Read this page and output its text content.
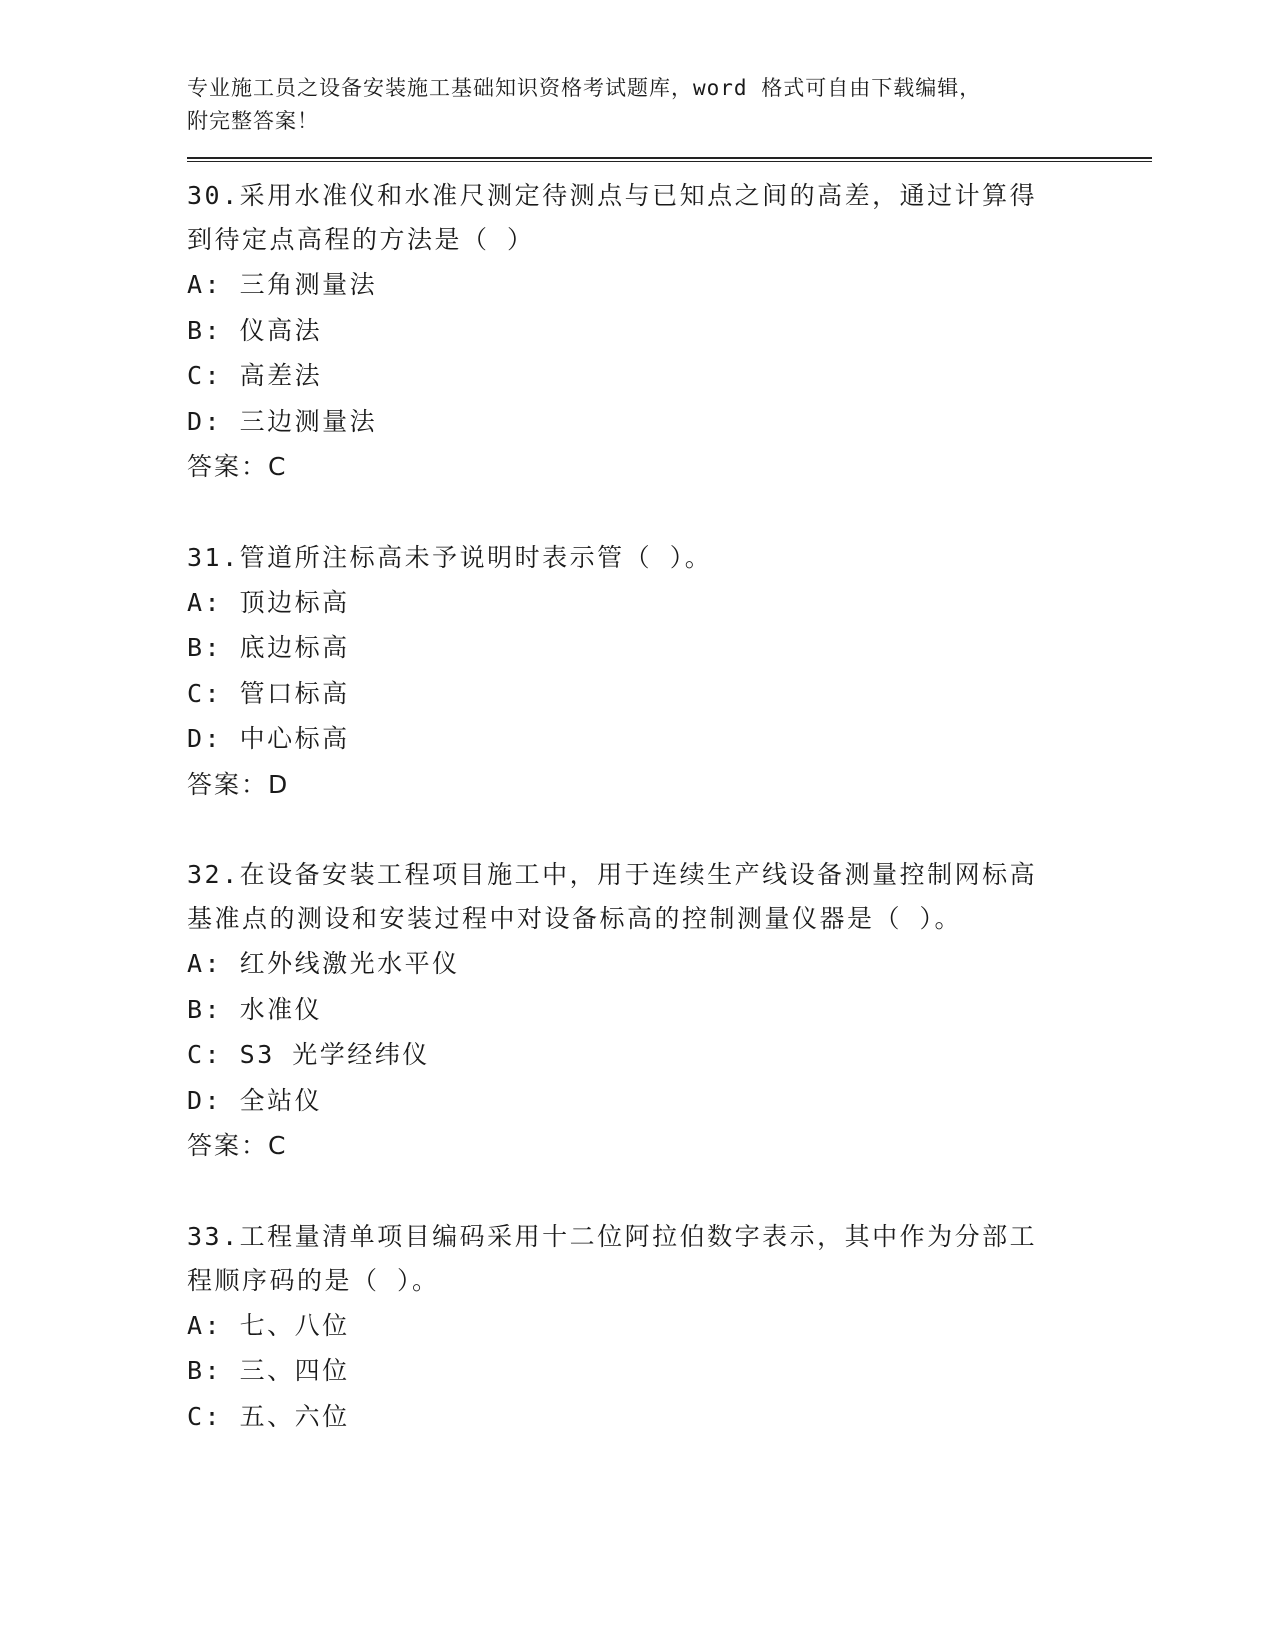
专业施工员之设备安装施工基础知识资格考试题库，word 格式可自由下载编辑，

附完整答案！

30.采用水准仪和水准尺测定待测点与已知点之间的高差，通过计算得

到待定点高程的方法是（ ）

A: 三角测量法

B: 仪高法

C: 高差法

D: 三边测量法

答案：C

31.管道所注标高未予说明时表示管（ ）。

A: 顶边标高

B: 底边标高

C: 管口标高

D: 中心标高

答案：D

32.在设备安装工程项目施工中，用于连续生产线设备测量控制网标高

基准点的测设和安装过程中对设备标高的控制测量仪器是（ ）。

A: 红外线激光水平仪

B: 水准仪

C: S3 光学经纬仪

D: 全站仪

答案：C

33.工程量清单项目编码采用十二位阿拉伯数字表示，其中作为分部工

程顺序码的是（ ）。

A: 七、八位

B: 三、四位

C: 五、六位
